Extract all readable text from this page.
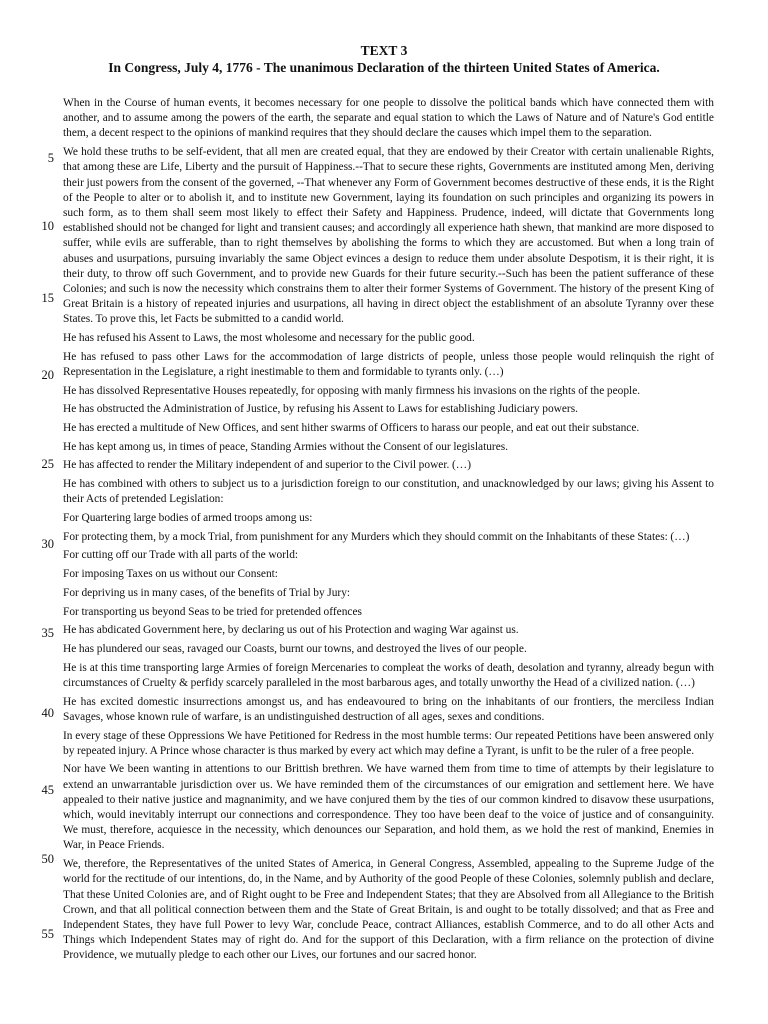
TEXT 3

In Congress, July 4, 1776 - The unanimous Declaration of the thirteen United States of America.

5
10
15
20
25
30
35
40
45
50
55

When in the Course of human events, it becomes necessary for one people to dissolve the political bands which have connected them with another, and to assume among the powers of the earth, the separate and equal station to which the Laws of Nature and of Nature's God entitle them, a decent respect to the opinions of mankind requires that they should declare the causes which impel them to the separation.

We hold these truths to be self-evident, that all men are created equal, that they are endowed by their Creator with certain unalienable Rights, that among these are Life, Liberty and the pursuit of Happiness.--That to secure these rights, Governments are instituted among Men, deriving their just powers from the consent of the governed, --That whenever any Form of Government becomes destructive of these ends, it is the Right of the People to alter or to abolish it, and to institute new Government, laying its foundation on such principles and organizing its powers in such form, as to them shall seem most likely to effect their Safety and Happiness. Prudence, indeed, will dictate that Governments long established should not be changed for light and transient causes; and accordingly all experience hath shewn, that mankind are more disposed to suffer, while evils are sufferable, than to right themselves by abolishing the forms to which they are accustomed. But when a long train of abuses and usurpations, pursuing invariably the same Object evinces a design to reduce them under absolute Despotism, it is their right, it is their duty, to throw off such Government, and to provide new Guards for their future security.--Such has been the patient sufferance of these Colonies; and such is now the necessity which constrains them to alter their former Systems of Government. The history of the present King of Great Britain is a history of repeated injuries and usurpations, all having in direct object the establishment of an absolute Tyranny over these States. To prove this, let Facts be submitted to a candid world.

He has refused his Assent to Laws, the most wholesome and necessary for the public good.

He has refused to pass other Laws for the accommodation of large districts of people, unless those people would relinquish the right of Representation in the Legislature, a right inestimable to them and formidable to tyrants only. (…)

He has dissolved Representative Houses repeatedly, for opposing with manly firmness his invasions on the rights of the people.

He has obstructed the Administration of Justice, by refusing his Assent to Laws for establishing Judiciary powers.

He has erected a multitude of New Offices, and sent hither swarms of Officers to harass our people, and eat out their substance.

He has kept among us, in times of peace, Standing Armies without the Consent of our legislatures.

He has affected to render the Military independent of and superior to the Civil power. (…)

He has combined with others to subject us to a jurisdiction foreign to our constitution, and unacknowledged by our laws; giving his Assent to their Acts of pretended Legislation:

For Quartering large bodies of armed troops among us:

For protecting them, by a mock Trial, from punishment for any Murders which they should commit on the Inhabitants of these States: (…)

For cutting off our Trade with all parts of the world:

For imposing Taxes on us without our Consent:

For depriving us in many cases, of the benefits of Trial by Jury:

For transporting us beyond Seas to be tried for pretended offences

He has abdicated Government here, by declaring us out of his Protection and waging War against us.

He has plundered our seas, ravaged our Coasts, burnt our towns, and destroyed the lives of our people.

He is at this time transporting large Armies of foreign Mercenaries to compleat the works of death, desolation and tyranny, already begun with circumstances of Cruelty & perfidy scarcely paralleled in the most barbarous ages, and totally unworthy the Head of a civilized nation. (…)

He has excited domestic insurrections amongst us, and has endeavoured to bring on the inhabitants of our frontiers, the merciless Indian Savages, whose known rule of warfare, is an undistinguished destruction of all ages, sexes and conditions.

In every stage of these Oppressions We have Petitioned for Redress in the most humble terms: Our repeated Petitions have been answered only by repeated injury. A Prince whose character is thus marked by every act which may define a Tyrant, is unfit to be the ruler of a free people.

Nor have We been wanting in attentions to our Brittish brethren. We have warned them from time to time of attempts by their legislature to extend an unwarrantable jurisdiction over us. We have reminded them of the circumstances of our emigration and settlement here. We have appealed to their native justice and magnanimity, and we have conjured them by the ties of our common kindred to disavow these usurpations, which, would inevitably interrupt our connections and correspondence. They too have been deaf to the voice of justice and of consanguinity. We must, therefore, acquiesce in the necessity, which denounces our Separation, and hold them, as we hold the rest of mankind, Enemies in War, in Peace Friends.

We, therefore, the Representatives of the united States of America, in General Congress, Assembled, appealing to the Supreme Judge of the world for the rectitude of our intentions, do, in the Name, and by Authority of the good People of these Colonies, solemnly publish and declare, That these United Colonies are, and of Right ought to be Free and Independent States; that they are Absolved from all Allegiance to the British Crown, and that all political connection between them and the State of Great Britain, is and ought to be totally dissolved; and that as Free and Independent States, they have full Power to levy War, conclude Peace, contract Alliances, establish Commerce, and to do all other Acts and Things which Independent States may of right do. And for the support of this Declaration, with a firm reliance on the protection of divine Providence, we mutually pledge to each other our Lives, our fortunes and our sacred honor.
